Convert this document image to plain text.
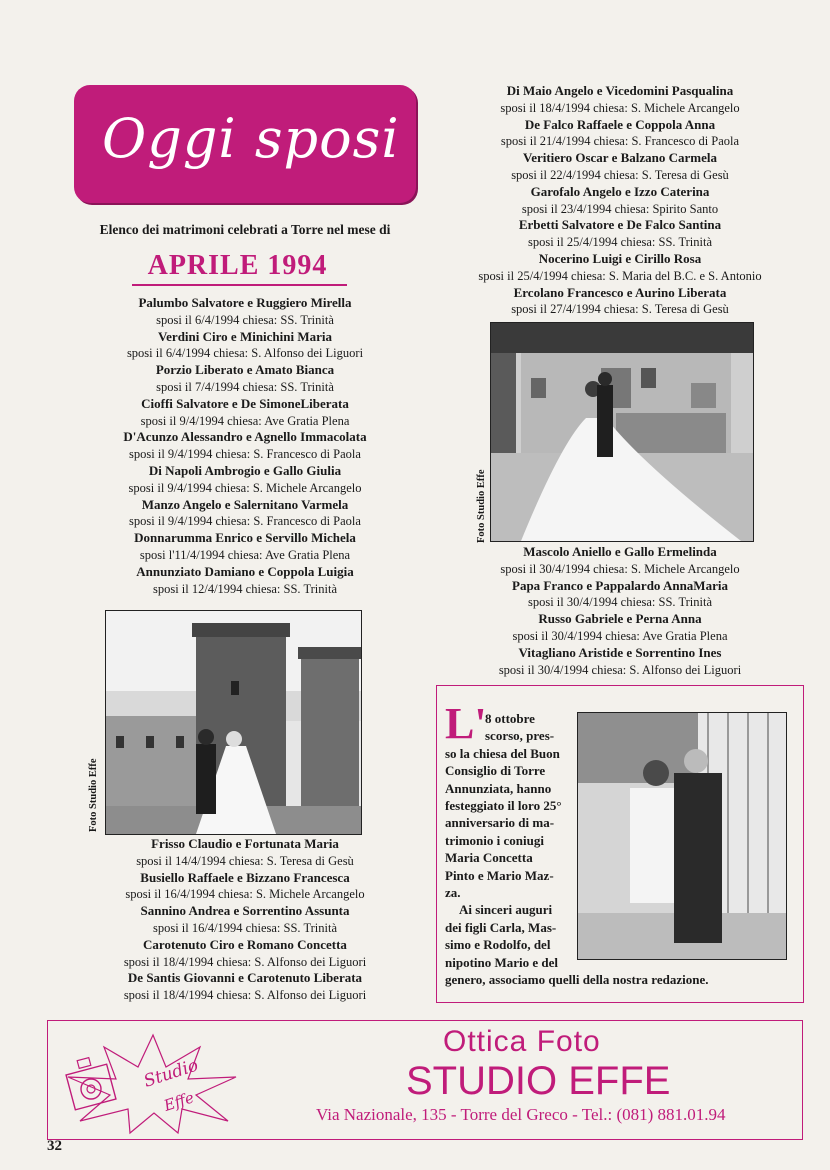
Oggi sposi
Elenco dei matrimoni celebrati a Torre nel mese di
APRILE 1994
Palumbo Salvatore e Ruggiero Mirella
sposi il 6/4/1994 chiesa: SS. Trinità
Verdini Ciro e Minichini Maria
sposi il 6/4/1994 chiesa: S. Alfonso dei Liguori
Porzio Liberato e Amato Bianca
sposi il 7/4/1994 chiesa: SS. Trinità
Cioffi Salvatore e De SimoneLiberata
sposi il 9/4/1994 chiesa: Ave Gratia Plena
D'Acunzo Alessandro e Agnello Immacolata
sposi il 9/4/1994 chiesa: S. Francesco di Paola
Di Napoli Ambrogio e Gallo Giulia
sposi il 9/4/1994 chiesa: S. Michele Arcangelo
Manzo Angelo e Salernitano Varmela
sposi il 9/4/1994 chiesa: S. Francesco di Paola
Donnarumma Enrico e Servillo Michela
sposi l'11/4/1994 chiesa: Ave Gratia Plena
Annunziato Damiano e Coppola Luigia
sposi il 12/4/1994 chiesa: SS. Trinità
Foto Studio Effe
Frisso Claudio e Fortunata Maria
sposi il 14/4/1994 chiesa: S. Teresa di Gesù
Busiello Raffaele e Bizzano Francesca
sposi il 16/4/1994 chiesa: S. Michele Arcangelo
Sannino Andrea e Sorrentino Assunta
sposi il 16/4/1994 chiesa: SS. Trinità
Carotenuto Ciro e Romano Concetta
sposi il 18/4/1994 chiesa: S. Alfonso dei Liguori
De Santis Giovanni e Carotenuto Liberata
sposi il 18/4/1994 chiesa: S. Alfonso dei Liguori
Di Maio Angelo e Vicedomini Pasqualina
sposi il 18/4/1994 chiesa: S. Michele Arcangelo
De Falco Raffaele e Coppola Anna
sposi il 21/4/1994 chiesa: S. Francesco di Paola
Veritiero Oscar e Balzano Carmela
sposi il 22/4/1994 chiesa: S. Teresa di Gesù
Garofalo Angelo e Izzo Caterina
sposi il 23/4/1994 chiesa: Spirito Santo
Erbetti Salvatore e De Falco Santina
sposi il 25/4/1994 chiesa: SS. Trinità
Nocerino Luigi e Cirillo Rosa
sposi il 25/4/1994 chiesa: S. Maria del B.C. e S. Antonio
Ercolano Francesco e Aurino Liberata
sposi il 27/4/1994 chiesa: S. Teresa di Gesù
Foto Studio Effe
Mascolo Aniello e Gallo Ermelinda
sposi il 30/4/1994 chiesa: S. Michele Arcangelo
Papa Franco e Pappalardo AnnaMaria
sposi il 30/4/1994 chiesa: SS. Trinità
Russo Gabriele e Perna Anna
sposi il 30/4/1994 chiesa: Ave Gratia Plena
Vitagliano Aristide e Sorrentino Ines
sposi il 30/4/1994 chiesa: S. Alfonso dei Liguori
L'
8 ottobre
scorso, pres-
so la chiesa del Buon
Consiglio di Torre
Annunziata, hanno
festeggiato il loro 25°
anniversario di ma-
trimonio i coniugi
Maria Concetta
Pinto e Mario Maz-
za.
Ai sinceri auguri
dei figli Carla, Mas-
simo e Rodolfo, del
nipotino Mario e del
genero, associamo quelli della nostra redazione.
Studio
Effe
Ottica Foto
STUDIO EFFE
Via Nazionale, 135 - Torre del Greco - Tel.: (081) 881.01.94
32
